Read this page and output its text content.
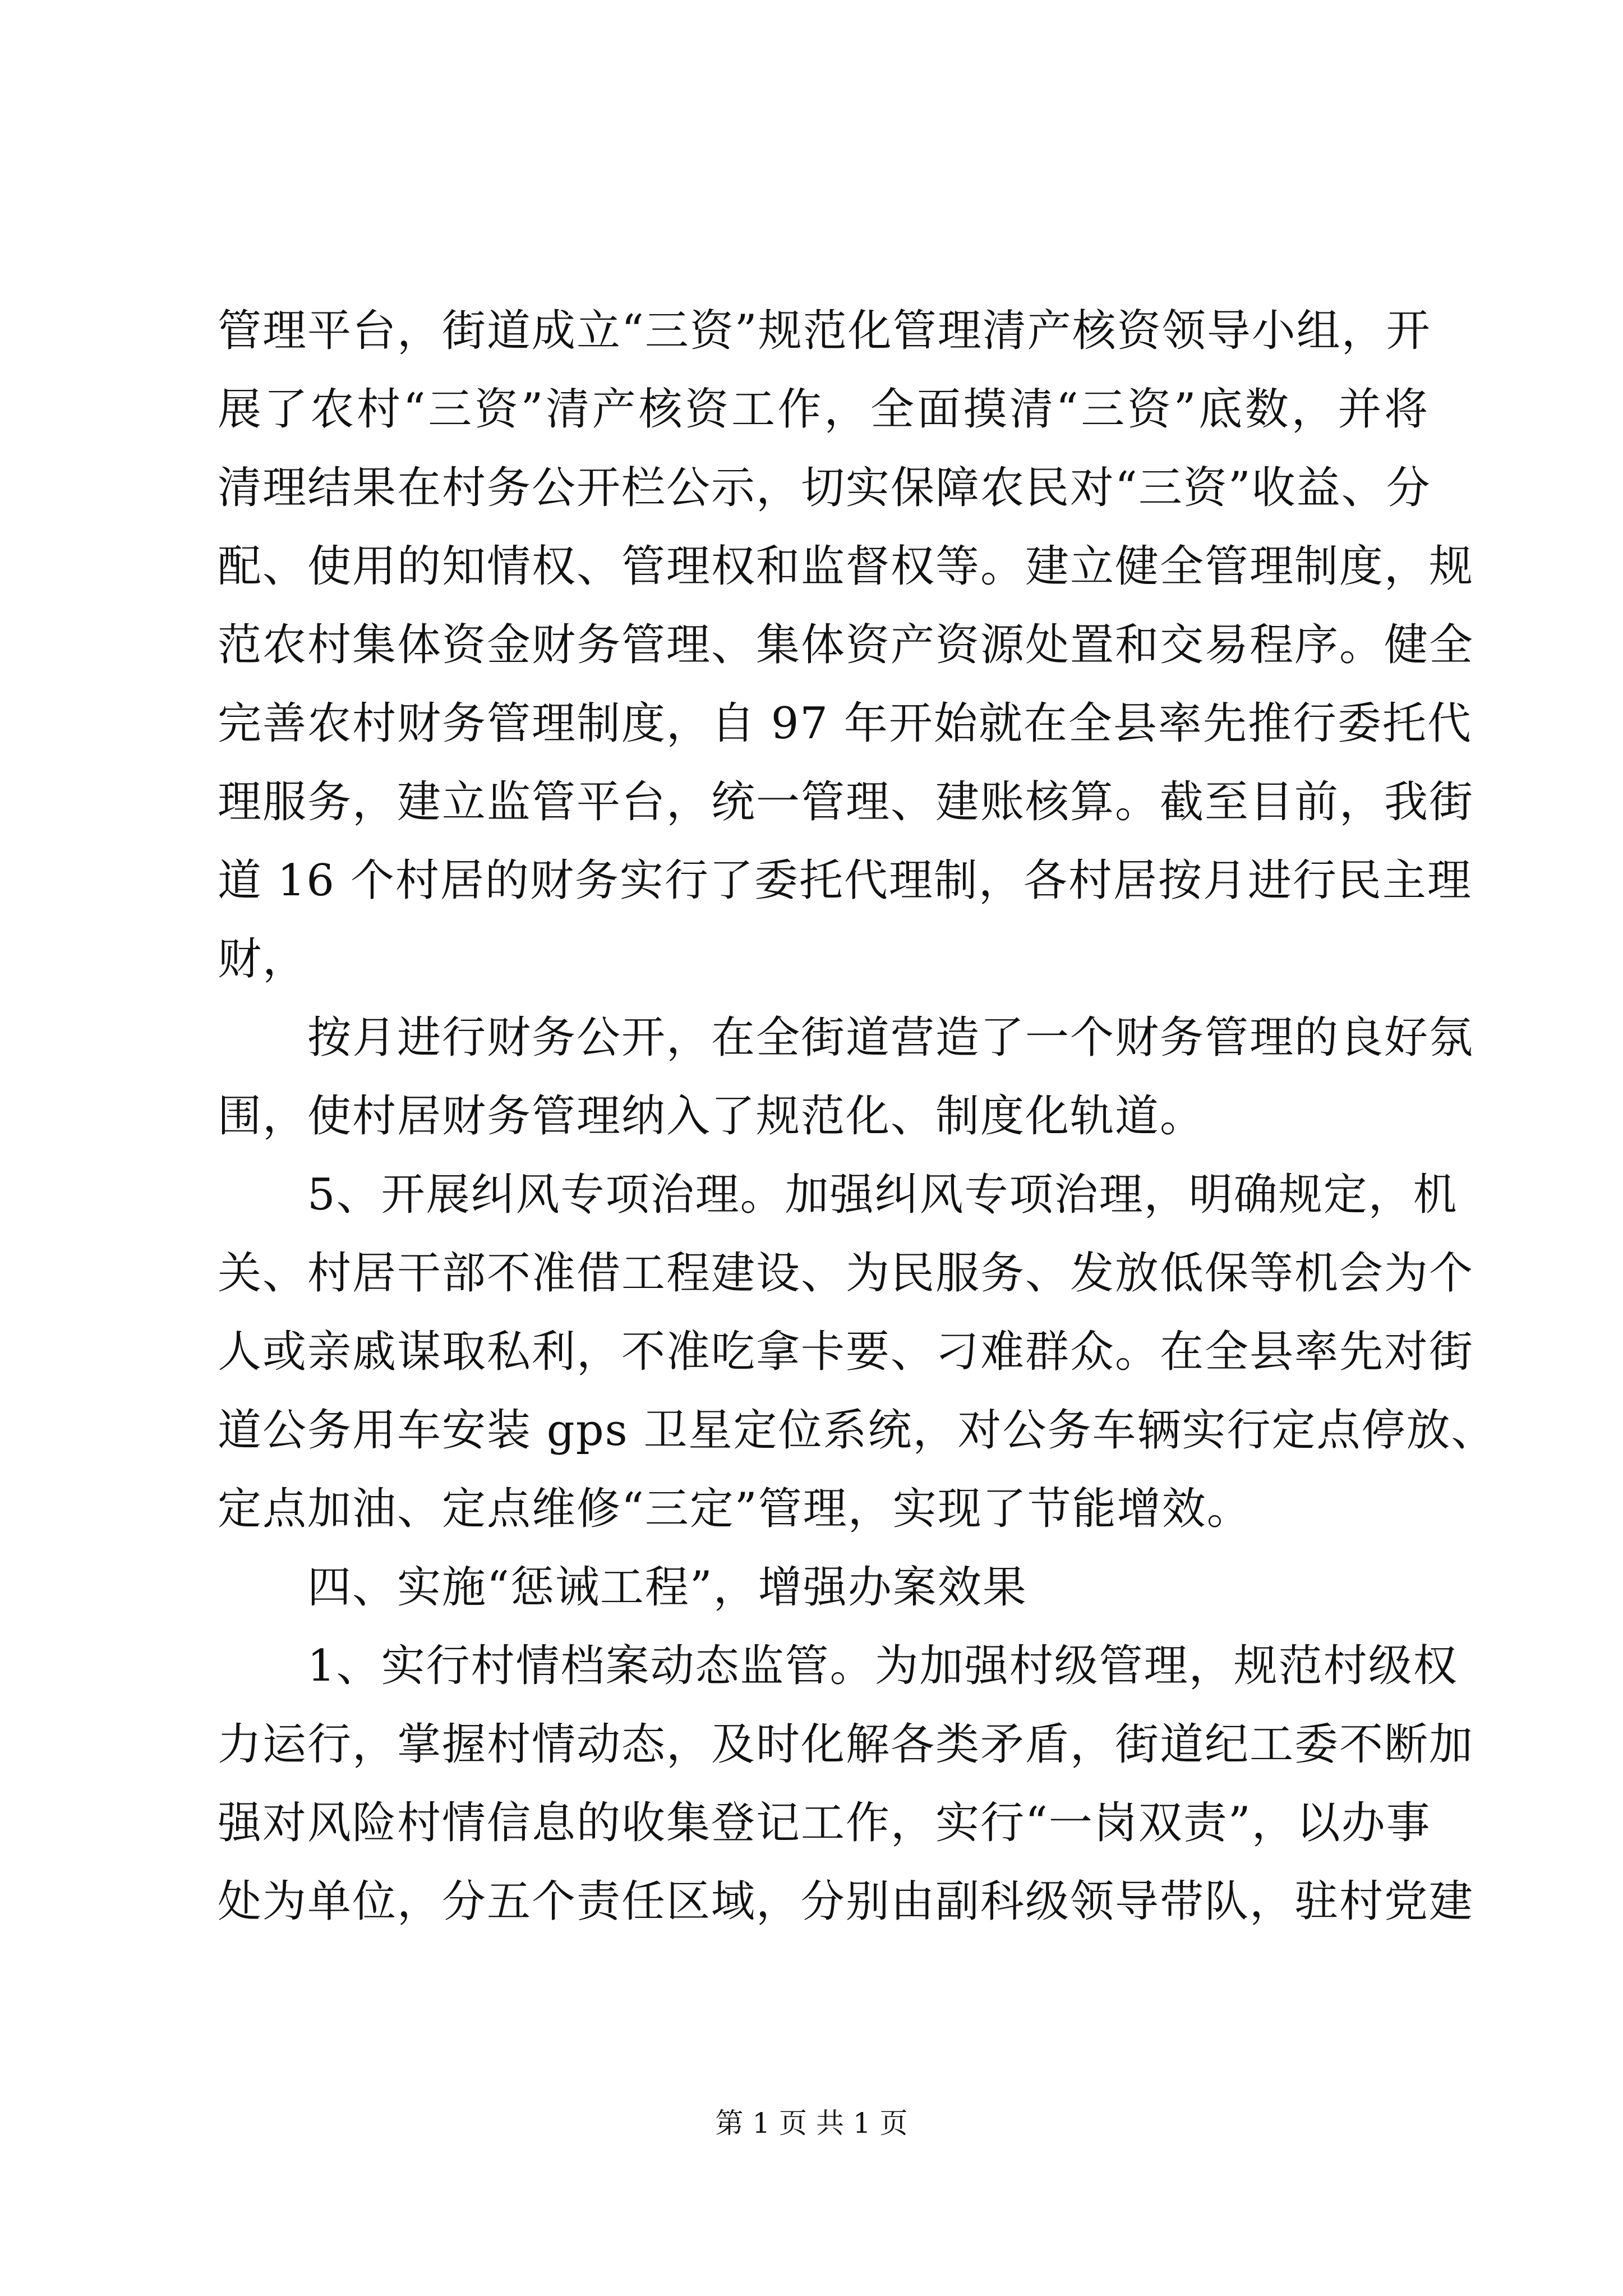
管理平台，街道成立“三资”规范化管理清产核资领导小组，开
展了农村“三资”清产核资工作，全面摸清“三资”底数，并将
清理结果在村务公开栏公示，切实保障农民对“三资”收益、分
配、使用的知情权、管理权和监督权等。建立健全管理制度，规
范农村集体资金财务管理、集体资产资源处置和交易程序。健全
完善农村财务管理制度，自 97 年开始就在全县率先推行委托代
理服务，建立监管平台，统一管理、建账核算。截至目前，我街
道 16 个村居的财务实行了委托代理制，各村居按月进行民主理
财，
按月进行财务公开，在全街道营造了一个财务管理的良好氛
围，使村居财务管理纳入了规范化、制度化轨道。
5、开展纠风专项治理。加强纠风专项治理，明确规定，机
关、村居干部不准借工程建设、为民服务、发放低保等机会为个
人或亲戚谋取私利，不准吃拿卡要、刁难群众。在全县率先对街
道公务用车安装 gps 卫星定位系统，对公务车辆实行定点停放、
定点加油、定点维修“三定”管理，实现了节能增效。
四、实施“惩诫工程”，增强办案效果
1、实行村情档案动态监管。为加强村级管理，规范村级权
力运行，掌握村情动态，及时化解各类矛盾，街道纪工委不断加
强对风险村情信息的收集登记工作，实行“一岗双责”，以办事
处为单位，分五个责任区域，分别由副科级领导带队，驻村党建
第 1 页 共 1 页
